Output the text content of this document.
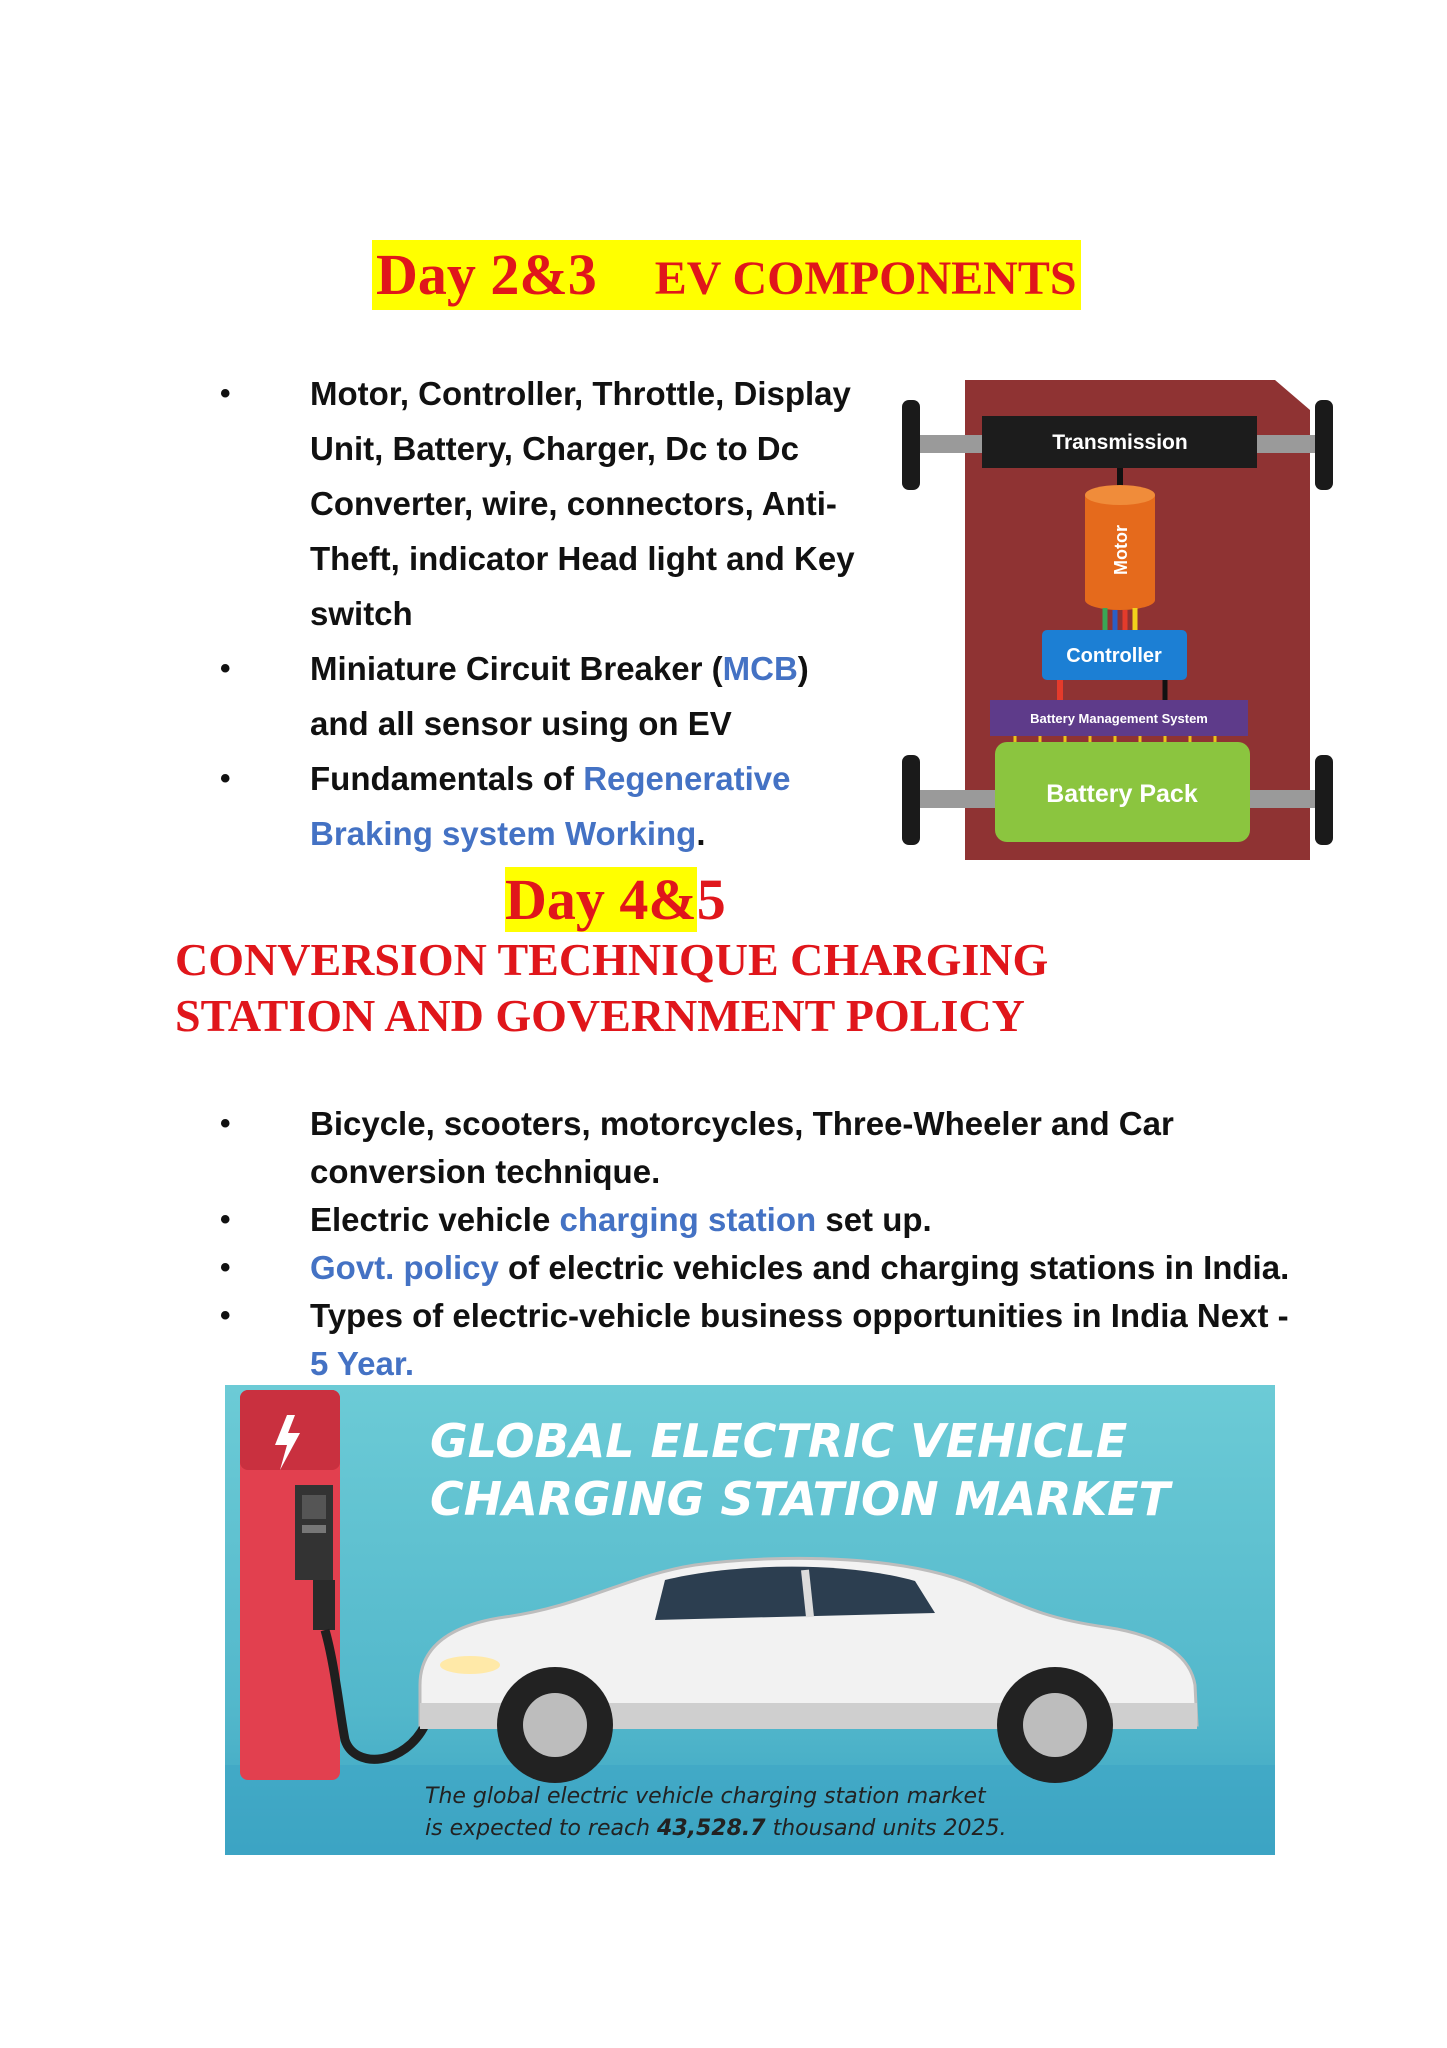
Day 2&3 EV COMPONENTS
• Motor, Controller, Throttle, Display Unit, Battery, Charger, Dc to Dc Converter, wire, connectors, Anti-Theft, indicator Head light and Key switch
• Miniature Circuit Breaker (MCB) and all sensor using on EV
• Fundamentals of Regenerative Braking system Working.
Transmission
Motor
Controller
Battery Management System
Battery Pack
Day 4&5
CONVERSION TECHNIQUE CHARGING
STATION AND GOVERNMENT POLICY
• Bicycle, scooters, motorcycles, Three-Wheeler and Car conversion technique.
• Electric vehicle charging station set up.
• Govt. policy of electric vehicles and charging stations in India.
• Types of electric-vehicle business opportunities in India Next - 5 Year.
GLOBAL ELECTRIC VEHICLE
CHARGING STATION MARKET
The global electric vehicle charging station market
is expected to reach 43,528.7 thousand units 2025.
